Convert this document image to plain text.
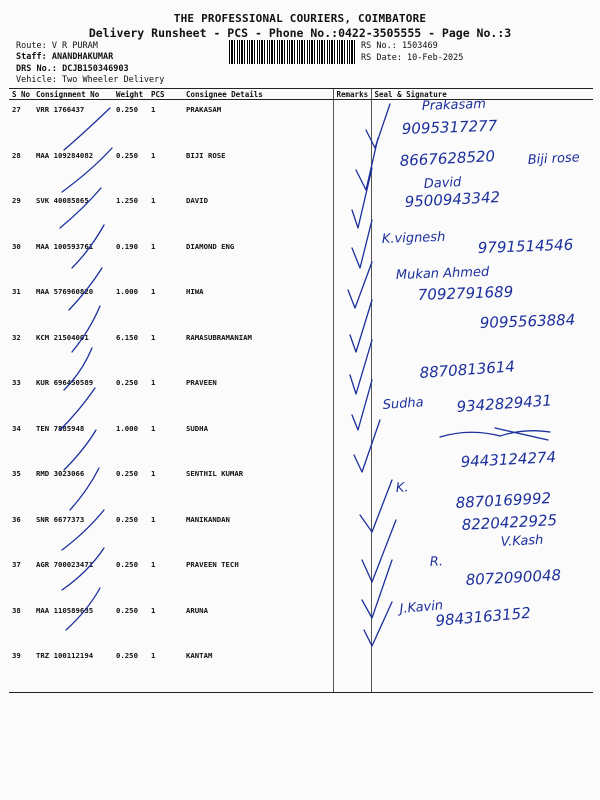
THE PROFESSIONAL COURIERS, COIMBATORE
Delivery Runsheet - PCS - Phone No.:0422-3505555 - Page No.:3
Route: V R PURAM
Staff: ANANDHAKUMAR
DRS No.: DCJB150346903
Vehicle: Two Wheeler Delivery
RS No.: 1503469
RS Date: 10-Feb-2025
S No	Consignment No	Weight	PCS	Consignee Details	Remarks	Seal & Signature
27	VRR 1766437	0.250	1	PRAKASAM		
28	MAA 109284082	0.250	1	BIJI ROSE		
29	SVK 40085865	1.250	1	DAVID		
30	MAA 100593761	0.190	1	DIAMOND ENG		
31	MAA 576960820	1.000	1	HIWA		
32	KCM 21504001	6.150	1	RAMASUBRAMANIAM		
33	KUR 696450589	0.250	1	PRAVEEN		
34	TEN 7885948	1.000	1	SUDHA		
35	RMD 3023066	0.250	1	SENTHIL KUMAR		
36	SNR 6677373	0.250	1	MANIKANDAN		
37	AGR 700023471	0.250	1	PRAVEEN TECH		
38	MAA 110589635	0.250	1	ARUNA		
39	TRZ 100112194	0.250	1	KANTAM		
Prakasam
9095317277
Biji rose
8667628520
David
9500943342
K.vignesh 9791514546
Mukan Ahmed
7092791689
9095563884
8870813614
Sudha 9342829431
9443124274
K.
8870169992
V.Kash
8220422925
R.
8072090048
J.Kavin
9843163152
